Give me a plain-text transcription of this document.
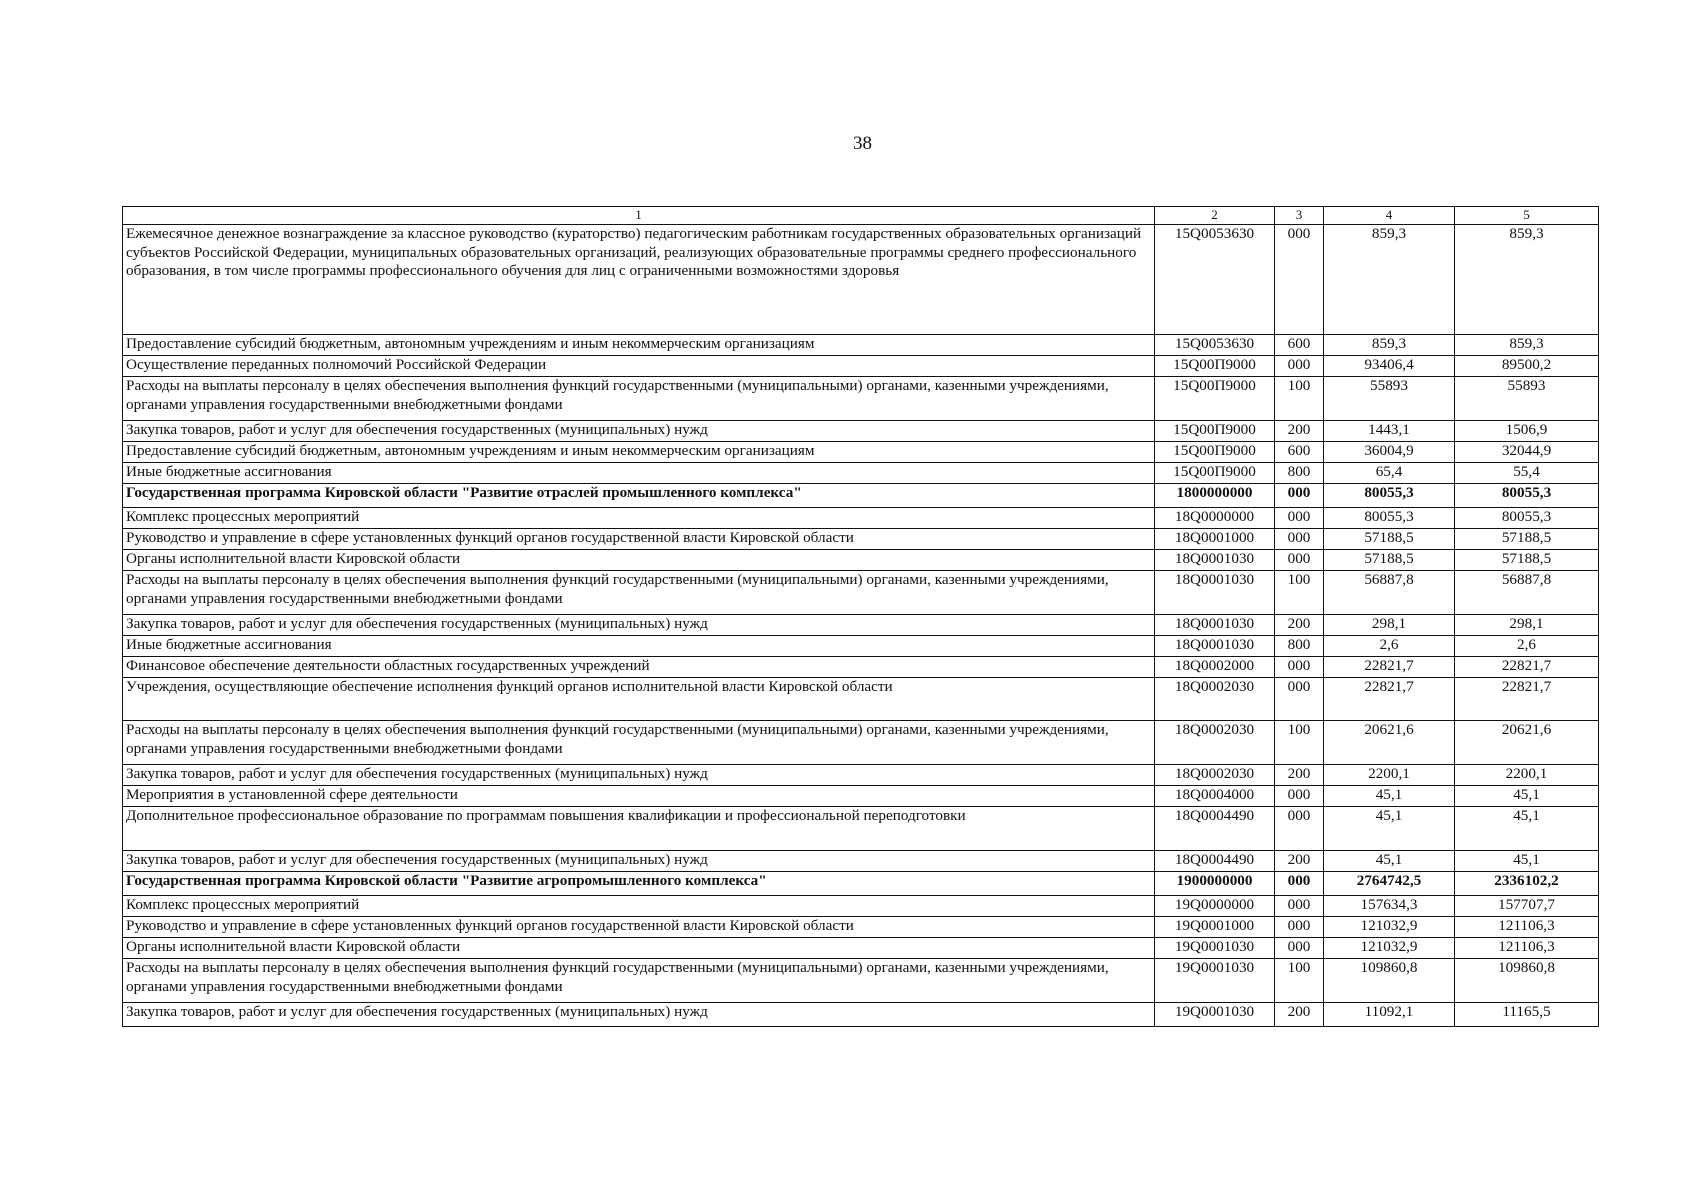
38
1	2	3	4	5
Ежемесячное денежное вознаграждение за классное руководство (кураторство) педагогическим работникам государственных образовательных организаций субъектов Российской Федерации, муниципальных образовательных организаций, реализующих образовательные программы среднего профессионального образования, в том числе программы профессионального обучения для лиц с ограниченными возможностями здоровья	15Q0053630	000	859,3	859,3
Предоставление субсидий бюджетным, автономным учреждениям и иным некоммерческим организациям	15Q0053630	600	859,3	859,3
Осуществление переданных полномочий Российской Федерации	15Q00П9000	000	93406,4	89500,2
Расходы на выплаты персоналу в целях обеспечения выполнения функций государственными (муниципальными) органами, казенными учреждениями, органами управления государственными внебюджетными фондами	15Q00П9000	100	55893	55893
Закупка товаров, работ и услуг для обеспечения государственных (муниципальных) нужд	15Q00П9000	200	1443,1	1506,9
Предоставление субсидий бюджетным, автономным учреждениям и иным некоммерческим организациям	15Q00П9000	600	36004,9	32044,9
Иные бюджетные ассигнования	15Q00П9000	800	65,4	55,4
Государственная программа Кировской области "Развитие отраслей промышленного комплекса"	1800000000	000	80055,3	80055,3
Комплекс процессных мероприятий	18Q0000000	000	80055,3	80055,3
Руководство и управление в сфере установленных функций органов государственной власти Кировской области	18Q0001000	000	57188,5	57188,5
Органы исполнительной власти Кировской области	18Q0001030	000	57188,5	57188,5
Расходы на выплаты персоналу в целях обеспечения выполнения функций государственными (муниципальными) органами, казенными учреждениями, органами управления государственными внебюджетными фондами	18Q0001030	100	56887,8	56887,8
Закупка товаров, работ и услуг для обеспечения государственных (муниципальных) нужд	18Q0001030	200	298,1	298,1
Иные бюджетные ассигнования	18Q0001030	800	2,6	2,6
Финансовое обеспечение деятельности областных государственных учреждений	18Q0002000	000	22821,7	22821,7
Учреждения, осуществляющие обеспечение исполнения функций органов исполнительной власти Кировской области	18Q0002030	000	22821,7	22821,7
Расходы на выплаты персоналу в целях обеспечения выполнения функций государственными (муниципальными) органами, казенными учреждениями, органами управления государственными внебюджетными фондами	18Q0002030	100	20621,6	20621,6
Закупка товаров, работ и услуг для обеспечения государственных (муниципальных) нужд	18Q0002030	200	2200,1	2200,1
Мероприятия в установленной сфере деятельности	18Q0004000	000	45,1	45,1
Дополнительное профессиональное образование по программам повышения квалификации и профессиональной переподготовки	18Q0004490	000	45,1	45,1
Закупка товаров, работ и услуг для обеспечения государственных (муниципальных) нужд	18Q0004490	200	45,1	45,1
Государственная программа Кировской области "Развитие агропромышленного комплекса"	1900000000	000	2764742,5	2336102,2
Комплекс процессных мероприятий	19Q0000000	000	157634,3	157707,7
Руководство и управление в сфере установленных функций органов государственной власти Кировской области	19Q0001000	000	121032,9	121106,3
Органы исполнительной власти Кировской области	19Q0001030	000	121032,9	121106,3
Расходы на выплаты персоналу в целях обеспечения выполнения функций государственными (муниципальными) органами, казенными учреждениями, органами управления государственными внебюджетными фондами	19Q0001030	100	109860,8	109860,8
Закупка товаров, работ и услуг для обеспечения государственных (муниципальных) нужд	19Q0001030	200	11092,1	11165,5
